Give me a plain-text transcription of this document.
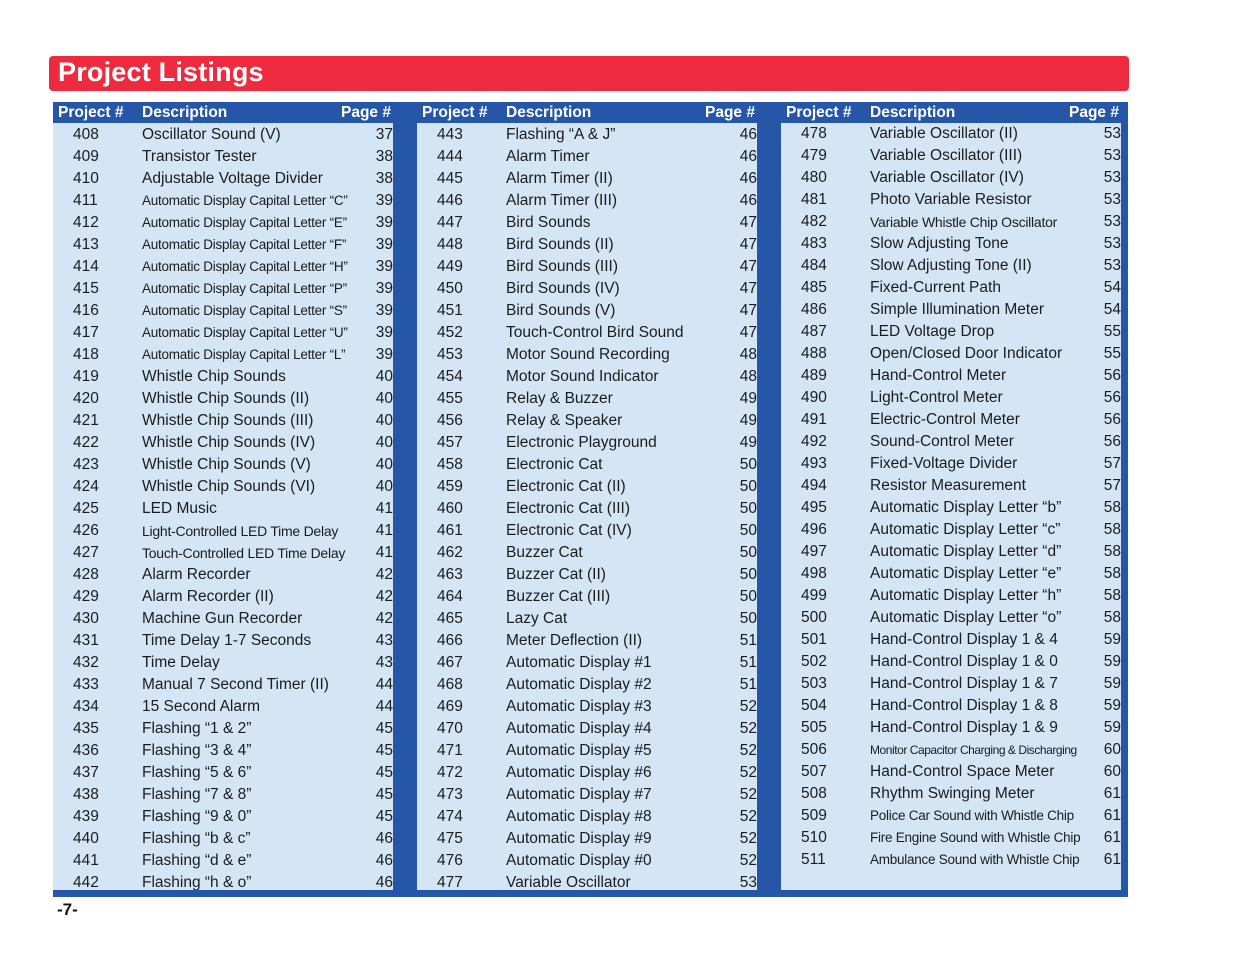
Project Listings
Project # Description	Page #
408	Oscillator Sound (V)	37
409	Transistor Tester	38
410	Adjustable Voltage Divider	38
411	Automatic Display Capital Letter “C”	39
412	Automatic Display Capital Letter “E”	39
413	Automatic Display Capital Letter “F”	39
414	Automatic Display Capital Letter “H”	39
415	Automatic Display Capital Letter “P”	39
416	Automatic Display Capital Letter “S”	39
417	Automatic Display Capital Letter “U”	39
418	Automatic Display Capital Letter “L”	39
419	Whistle Chip Sounds	40
420	Whistle Chip Sounds (II)	40
421	Whistle Chip Sounds (III)	40
422	Whistle Chip Sounds (IV)	40
423	Whistle Chip Sounds (V)	40
424	Whistle Chip Sounds (VI)	40
425	LED Music	41
426	Light-Controlled LED Time Delay	41
427	Touch-Controlled LED Time Delay	41
428	Alarm Recorder	42
429	Alarm Recorder (II)	42
430	Machine Gun Recorder	42
431	Time Delay 1-7 Seconds	43
432	Time Delay	43
433	Manual 7 Second Timer (II)	44
434	15 Second Alarm	44
435	Flashing “1 & 2”	45
436	Flashing “3 & 4”	45
437	Flashing “5 & 6”	45
438	Flashing “7 & 8”	45
439	Flashing “9 & 0”	45
440	Flashing “b & c”	46
441	Flashing “d & e”	46
442	Flashing “h & o”	46
Project # Description	Page #
443	Flashing “A & J”	46
444	Alarm Timer	46
445	Alarm Timer (II)	46
446	Alarm Timer (III)	46
447	Bird Sounds	47
448	Bird Sounds (II)	47
449	Bird Sounds (III)	47
450	Bird Sounds (IV)	47
451	Bird Sounds (V)	47
452	Touch-Control Bird Sound	47
453	Motor Sound Recording	48
454	Motor Sound Indicator	48
455	Relay & Buzzer	49
456	Relay & Speaker	49
457	Electronic Playground	49
458	Electronic Cat	50
459	Electronic Cat (II)	50
460	Electronic Cat (III)	50
461	Electronic Cat (IV)	50
462	Buzzer Cat	50
463	Buzzer Cat (II)	50
464	Buzzer Cat (III)	50
465	Lazy Cat	50
466	Meter Deflection (II)	51
467	Automatic Display #1	51
468	Automatic Display #2	51
469	Automatic Display #3	52
470	Automatic Display #4	52
471	Automatic Display #5	52
472	Automatic Display #6	52
473	Automatic Display #7	52
474	Automatic Display #8	52
475	Automatic Display #9	52
476	Automatic Display #0	52
477	Variable Oscillator	53
Project # Description	Page #
478	Variable Oscillator (II)	53
479	Variable Oscillator (III)	53
480	Variable Oscillator (IV)	53
481	Photo Variable Resistor	53
482	Variable Whistle Chip Oscillator	53
483	Slow Adjusting Tone	53
484	Slow Adjusting Tone (II)	53
485	Fixed-Current Path	54
486	Simple Illumination Meter	54
487	LED Voltage Drop	55
488	Open/Closed Door Indicator	55
489	Hand-Control Meter	56
490	Light-Control Meter	56
491	Electric-Control Meter	56
492	Sound-Control Meter	56
493	Fixed-Voltage Divider	57
494	Resistor Measurement	57
495	Automatic Display Letter “b”	58
496	Automatic Display Letter “c”	58
497	Automatic Display Letter “d”	58
498	Automatic Display Letter “e”	58
499	Automatic Display Letter “h”	58
500	Automatic Display Letter “o”	58
501	Hand-Control Display 1 & 4	59
502	Hand-Control Display 1 & 0	59
503	Hand-Control Display 1 & 7	59
504	Hand-Control Display 1 & 8	59
505	Hand-Control Display 1 & 9	59
506	Monitor Capacitor Charging & Discharging	60
507	Hand-Control Space Meter	60
508	Rhythm Swinging Meter	61
509	Police Car Sound with Whistle Chip	61
510	Fire Engine Sound with Whistle Chip	61
511	Ambulance Sound with Whistle Chip	61
-7-
